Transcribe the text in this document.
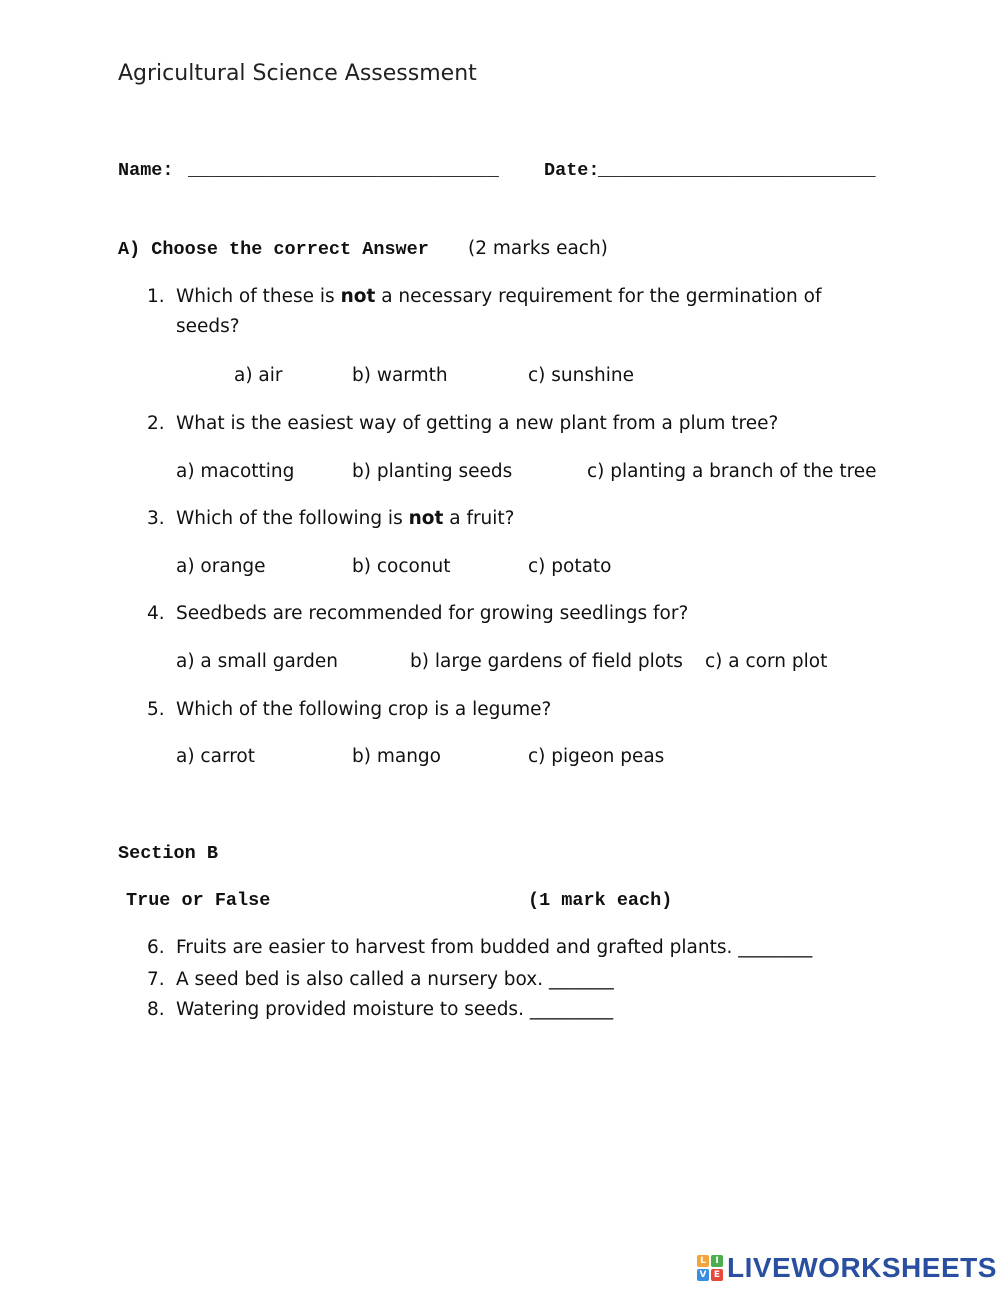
Agricultural Science Assessment
Name: ____________________________ Date:
_________________________
A) Choose the correct Answer (2 marks each)
1. Which of these is not a necessary requirement for the germination of
seeds?
a) air	b) warmth	c) sunshine
2. What is the easiest way of getting a new plant from a plum tree?
a) macotting	b) planting seeds	c) planting a branch of the tree
3. Which of the following is not a fruit?
a) orange	b) coconut	c) potato
4. Seedbeds are recommended for growing seedlings for?
a) a small garden	b) large gardens of field plots c) a corn plot
5. Which of the following crop is a legume?
a) carrot	b) mango	c) pigeon peas
Section B
True or False	(1 mark each)
6. Fruits are easier to harvest from budded and grafted plants. ________
7. A seed bed is also called a nursery box. _______
8. Watering provided moisture to seeds. _________
L	I
V E LIVEWORKSHEETS
